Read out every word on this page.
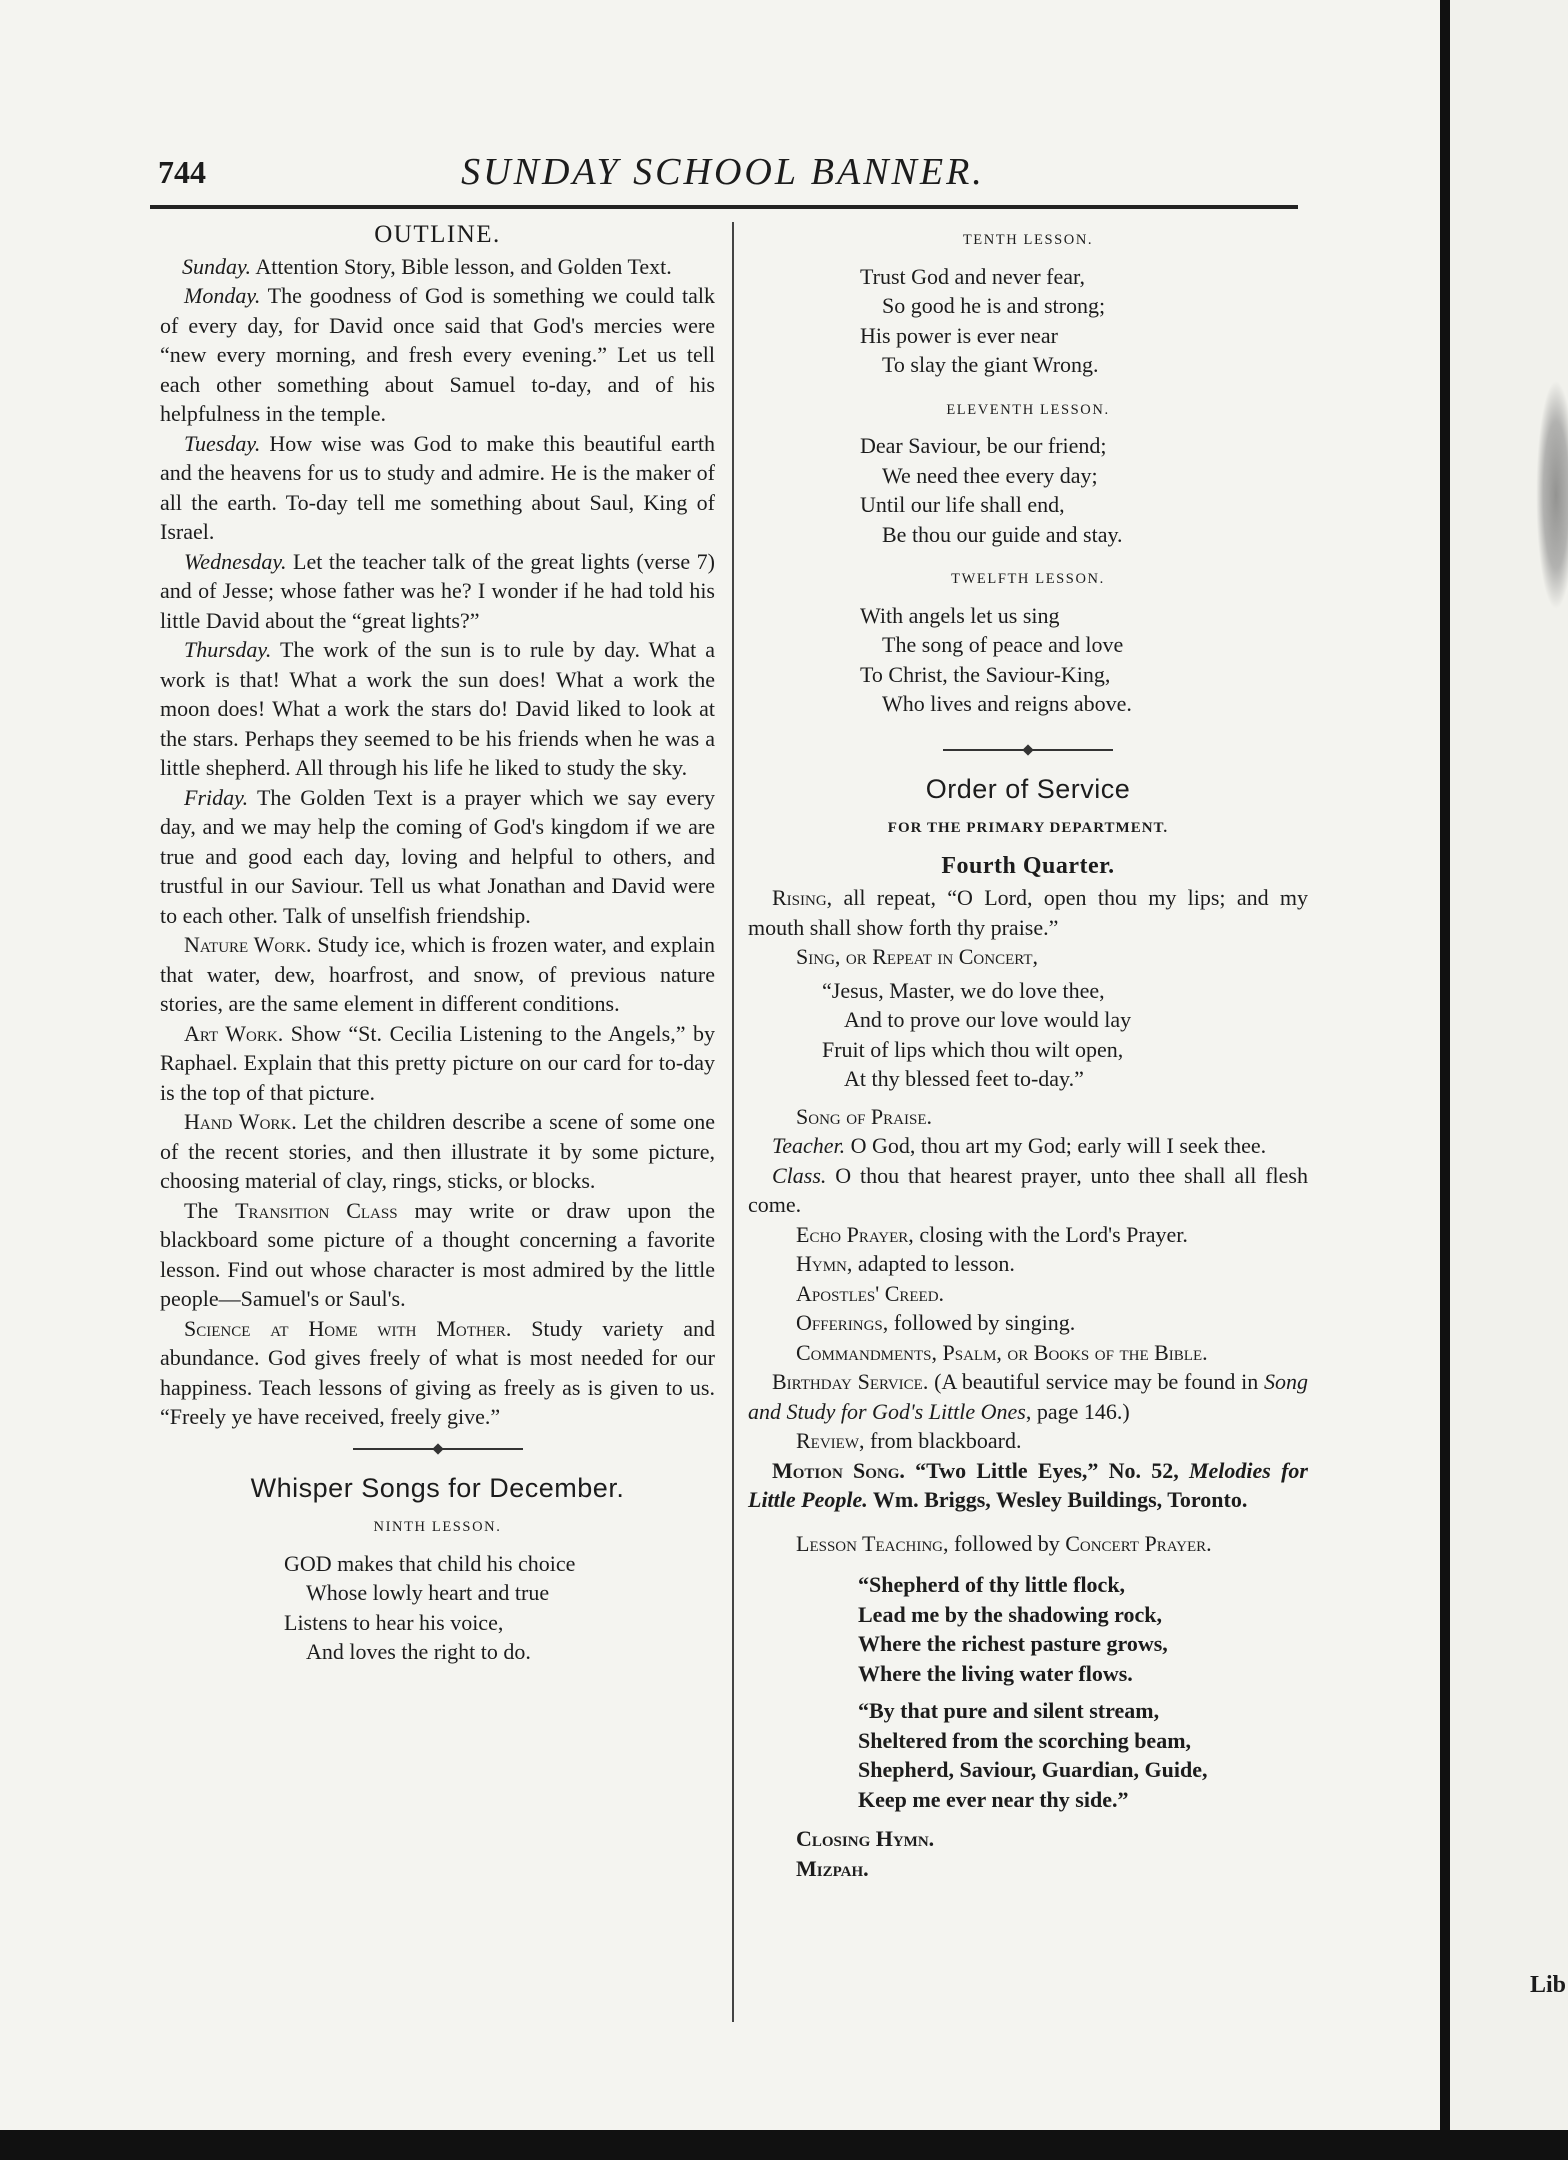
SUNDAY SCHOOL BANNER.
744
OUTLINE.

Sunday. Attention Story, Bible lesson, and Golden Text.

Monday. The goodness of God is something we could talk of every day, for David once said that God's mercies were “new every morning, and fresh every evening.” Let us tell each other something about Samuel to-day, and of his helpfulness in the temple.

Tuesday. How wise was God to make this beautiful earth and the heavens for us to study and admire. He is the maker of all the earth. To-day tell me something about Saul, King of Israel.

Wednesday. Let the teacher talk of the great lights (verse 7) and of Jesse; whose father was he? I wonder if he had told his little David about the “great lights?”

Thursday. The work of the sun is to rule by day. What a work is that! What a work the sun does! What a work the moon does! What a work the stars do! David liked to look at the stars. Perhaps they seemed to be his friends when he was a little shepherd. All through his life he liked to study the sky.

Friday. The Golden Text is a prayer which we say every day, and we may help the coming of God's kingdom if we are true and good each day, loving and helpful to others, and trustful in our Saviour. Tell us what Jonathan and David were to each other. Talk of unselfish friendship.

Nature Work. Study ice, which is frozen water, and explain that water, dew, hoarfrost, and snow, of previous nature stories, are the same element in different conditions.

Art Work. Show “St. Cecilia Listening to the Angels,” by Raphael. Explain that this pretty picture on our card for to-day is the top of that picture.

Hand Work. Let the children describe a scene of some one of the recent stories, and then illustrate it by some picture, choosing material of clay, rings, sticks, or blocks.

The Transition Class may write or draw upon the blackboard some picture of a thought concerning a favorite lesson. Find out whose character is most admired by the little people—Samuel's or Saul's.

Science at Home with Mother. Study variety and abundance. God gives freely of what is most needed for our happiness. Teach lessons of giving as freely as is given to us. “Freely ye have received, freely give.”

Whisper Songs for December.
NINTH LESSON.
GOD makes that child his choice
Whose lowly heart and true
Listens to hear his voice,
And loves the right to do.
TENTH LESSON.
Trust God and never fear,
So good he is and strong;
His power is ever near
To slay the giant Wrong.
ELEVENTH LESSON.
Dear Saviour, be our friend;
We need thee every day;
Until our life shall end,
Be thou our guide and stay.
TWELFTH LESSON.
With angels let us sing
The song of peace and love
To Christ, the Saviour-King,
Who lives and reigns above.
Order of Service
FOR THE PRIMARY DEPARTMENT.
Fourth Quarter.

Rising, all repeat, “O Lord, open thou my lips; and my mouth shall show forth thy praise.”

Sing, or Repeat in Concert,

“Jesus, Master, we do love thee,
And to prove our love would lay
Fruit of lips which thou wilt open,
At thy blessed feet to-day.”

Song of Praise.

Teacher. O God, thou art my God; early will I seek thee.

Class. O thou that hearest prayer, unto thee shall all flesh come.

Echo Prayer, closing with the Lord's Prayer.

Hymn, adapted to lesson.

Apostles' Creed.

Offerings, followed by singing.

Commandments, Psalm, or Books of the Bible.

Birthday Service. (A beautiful service may be found in Song and Study for God's Little Ones, page 146.)

Review, from blackboard.

Motion Song. “Two Little Eyes,” No. 52, Melodies for Little People. Wm. Briggs, Wesley Buildings, Toronto.

Lesson Teaching, followed by Concert Prayer.

“Shepherd of thy little flock,
Lead me by the shadowing rock,
Where the richest pasture grows,
Where the living water flows.
“By that pure and silent stream,
Sheltered from the scorching beam,
Shepherd, Saviour, Guardian, Guide,
Keep me ever near thy side.”

Closing Hymn.

Mizpah.

Lib
